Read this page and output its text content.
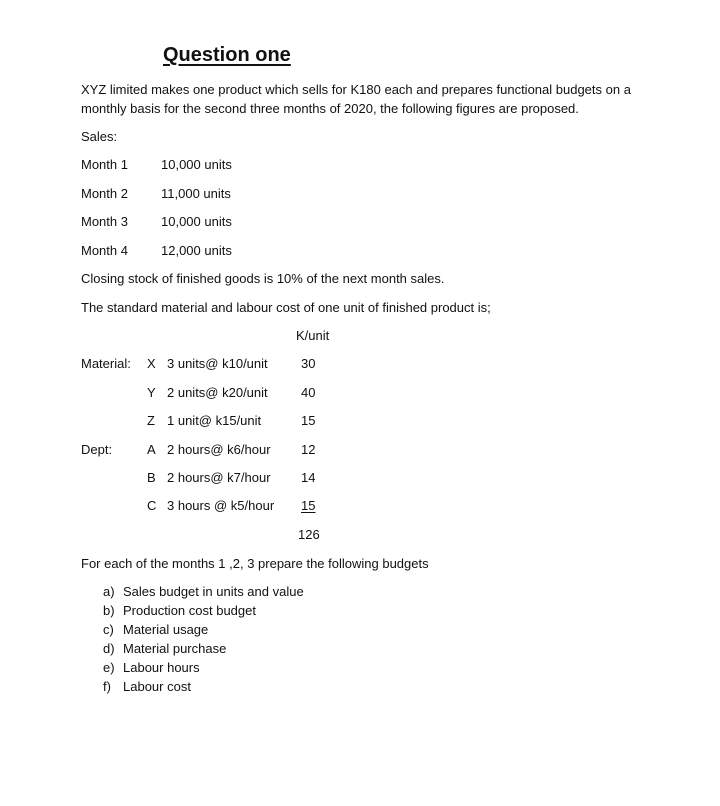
Question one
XYZ limited makes one product which sells for K180 each and prepares functional budgets on a
monthly basis for the second three months of 2020, the following figures are proposed.
Sales:
Month 1	10,000 units
Month 2	11,000 units
Month 3	10,000 units
Month 4	12,000 units
Closing stock of finished goods is 10% of the next month sales.
The standard material and labour cost of one unit of finished product is;
K/unit
Material: X 3 units@ k10/unit	30
Y 2 units@ k20/unit	40
Z 1 unit@ k15/unit	15
Dept:	A 2 hours@ k6/hour 12
B 2 hours@ k7/hour 14
C 3 hours @ k5/hour 15
126
For each of the months 1 ,2, 3 prepare the following budgets
a) Sales budget in units and value
b) Production cost budget
c) Material usage
d) Material purchase
e) Labour hours
f) Labour cost
